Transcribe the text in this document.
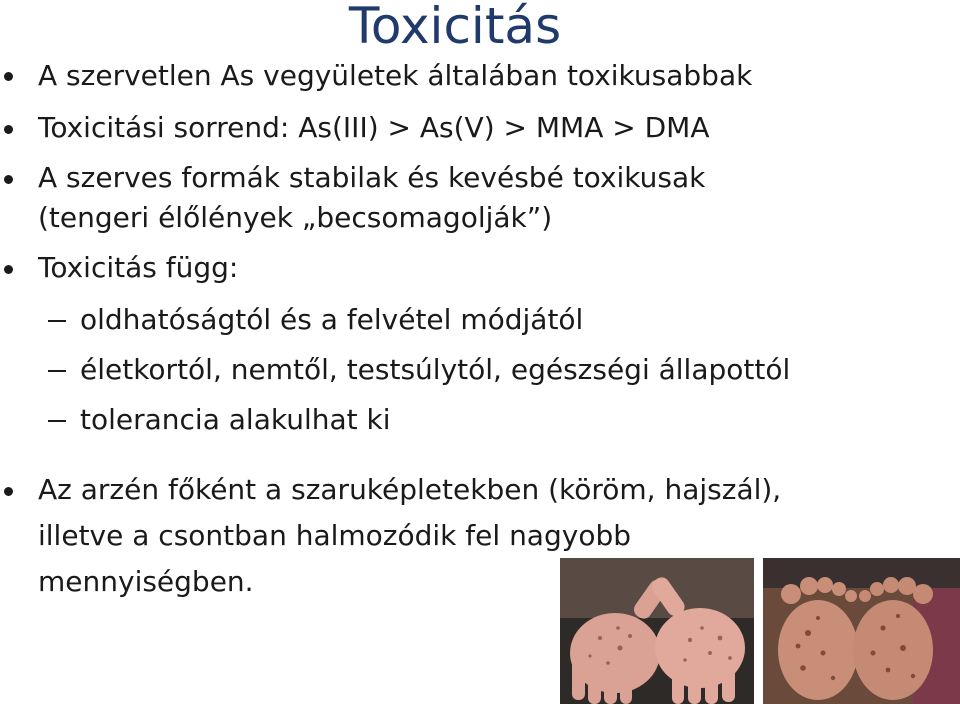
Toxicitás
A szervetlen As vegyületek általában toxikusabbak
Toxicitási sorrend: As(III) > As(V) > MMA > DMA
A szerves formák stabilak és kevésbé toxikusak
(tengeri élőlények „becsomagolják”)
Toxicitás függ:
oldhatóságtól és a felvétel módjától
életkortól, nemtől, testsúlytól, egészségi állapottól
tolerancia alakulhat ki
Az arzén főként a szaruképletekben (köröm, hajszál),
illetve a csontban halmozódik fel nagyobb
mennyiségben.
